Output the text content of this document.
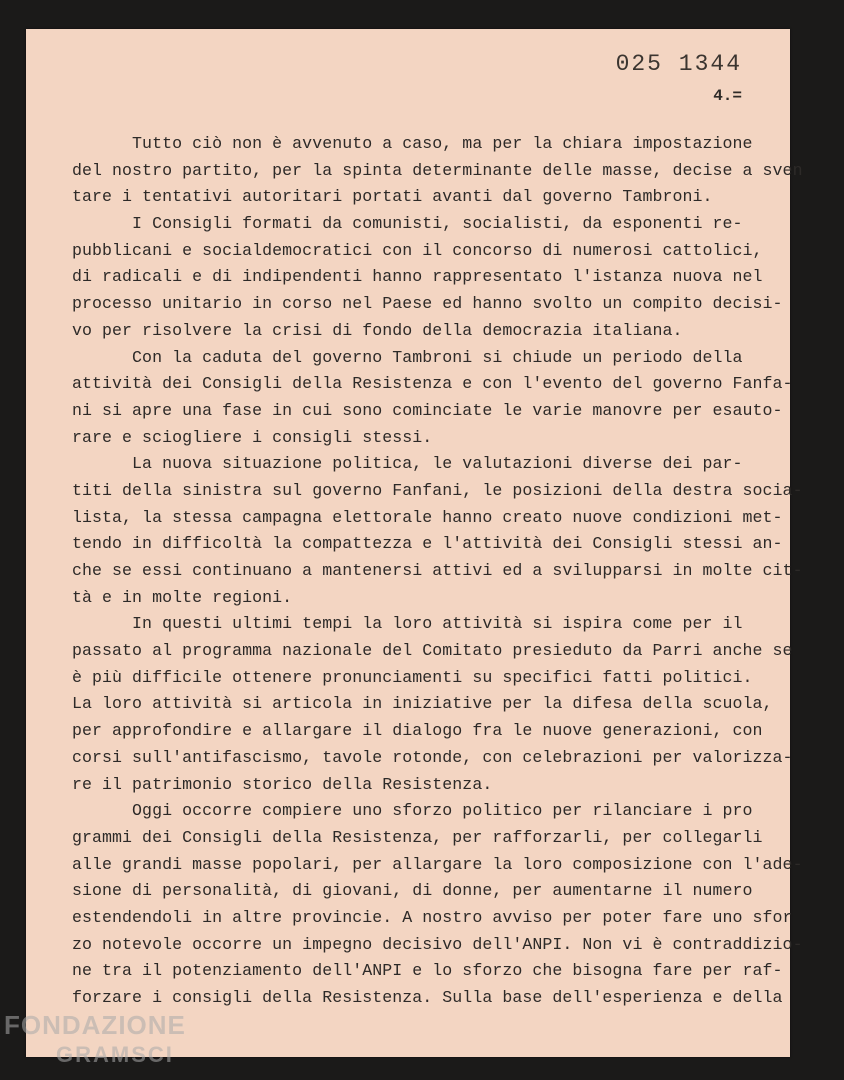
025 1344
4.=
Tutto ciò non è avvenuto a caso, ma per la chiara impostazione
del nostro partito, per la spinta determinante delle masse, decise a sven
tare i tentativi autoritari portati avanti dal governo Tambroni.
I Consigli formati da comunisti, socialisti, da esponenti re-
pubblicani e socialdemocratici con il concorso di numerosi cattolici,
di radicali e di indipendenti hanno rappresentato l'istanza nuova nel
processo unitario in corso nel Paese ed hanno svolto un compito decisi-
vo per risolvere la crisi di fondo della democrazia italiana.
Con la caduta del governo Tambroni si chiude un periodo della
attività dei Consigli della Resistenza e con l'evento del governo Fanfa-
ni si apre una fase in cui sono cominciate le varie manovre per esauto-
rare e sciogliere i consigli stessi.
La nuova situazione politica, le valutazioni diverse dei par-
titi della sinistra sul governo Fanfani, le posizioni della destra socia-
lista, la stessa campagna elettorale hanno creato nuove condizioni met-
tendo in difficoltà la compattezza e l'attività dei Consigli stessi an-
che se essi continuano a mantenersi attivi ed a svilupparsi in molte cit-
tà e in molte regioni.
In questi ultimi tempi la loro attività si ispira come per il
passato al programma nazionale del Comitato presieduto da Parri anche se
è più difficile ottenere pronunciamenti su specifici fatti politici.
La loro attività si articola in iniziative per la difesa della scuola,
per approfondire e allargare il dialogo fra le nuove generazioni, con
corsi sull'antifascismo, tavole rotonde, con celebrazioni per valorizza-
re il patrimonio storico della Resistenza.
Oggi occorre compiere uno sforzo politico per rilanciare i pro
grammi dei Consigli della Resistenza, per rafforzarli, per collegarli
alle grandi masse popolari, per allargare la loro composizione con l'ade-
sione di personalità, di giovani, di donne, per aumentarne il numero
estendendoli in altre provincie. A nostro avviso per poter fare uno sfor
zo notevole occorre un impegno decisivo dell'ANPI. Non vi è contraddizio-
ne tra il potenziamento dell'ANPI e lo sforzo che bisogna fare per raf-
forzare i consigli della Resistenza. Sulla base dell'esperienza e della
FONDAZIONE
GRAMSCI
